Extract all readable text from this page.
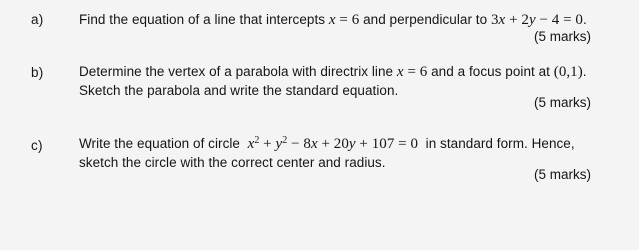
a)	Find the equation of a line that intercepts x = 6 and perpendicular to 3x + 2y − 4 = 0.
(5 marks)
b)	Determine the vertex of a parabola with directrix line x = 6 and a focus point at (0,1).
Sketch the parabola and write the standard equation.
(5 marks)
c)	Write the equation of circle $x^2 + y^2 - 8x + 20y + 107 = 0$ in standard form. Hence,
sketch the circle with the correct center and radius.
(5 marks)
